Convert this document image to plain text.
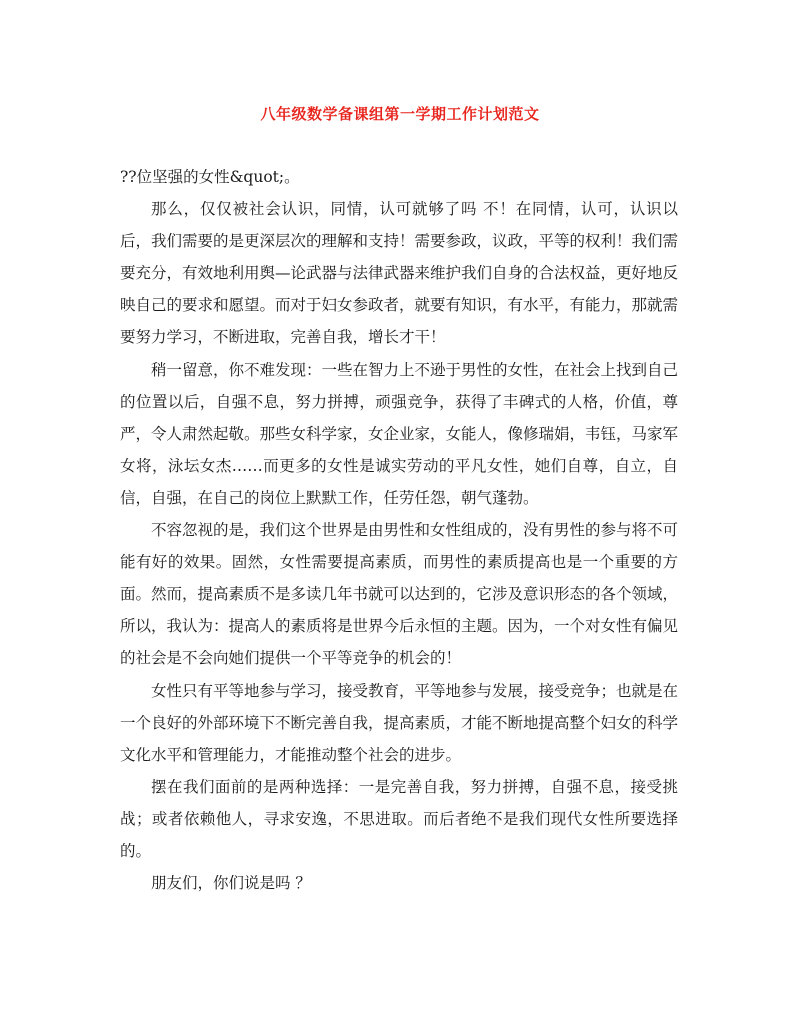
八年级数学备课组第一学期工作计划范文

??位坚强的女性&quot;。

那么，仅仅被社会认识，同情，认可就够了吗 不！在同情，认可，认识以后，我们需要的是更深层次的理解和支持！需要参政，议政，平等的权利！我们需要充分，有效地利用舆—论武器与法律武器来维护我们自身的合法权益，更好地反映自己的要求和愿望。而对于妇女参政者，就要有知识，有水平，有能力，那就需要努力学习，不断进取，完善自我，增长才干！

稍一留意，你不难发现：一些在智力上不逊于男性的女性，在社会上找到自己的位置以后，自强不息，努力拼搏，顽强竞争，获得了丰碑式的人格，价值，尊严，令人肃然起敬。那些女科学家，女企业家，女能人，像修瑞娟，韦钰，马家军女将，泳坛女杰……而更多的女性是诚实劳动的平凡女性，她们自尊，自立，自信，自强，在自己的岗位上默默工作，任劳任怨，朝气蓬勃。

不容忽视的是，我们这个世界是由男性和女性组成的，没有男性的参与将不可能有好的效果。固然，女性需要提高素质，而男性的素质提高也是一个重要的方面。然而，提高素质不是多读几年书就可以达到的，它涉及意识形态的各个领域，所以，我认为：提高人的素质将是世界今后永恒的主题。因为，一个对女性有偏见的社会是不会向她们提供一个平等竞争的机会的！

女性只有平等地参与学习，接受教育，平等地参与发展，接受竞争；也就是在一个良好的外部环境下不断完善自我，提高素质，才能不断地提高整个妇女的科学文化水平和管理能力，才能推动整个社会的进步。

摆在我们面前的是两种选择：一是完善自我，努力拼搏，自强不息，接受挑战；或者依赖他人，寻求安逸，不思进取。而后者绝不是我们现代女性所要选择的。

朋友们，你们说是吗 ？
